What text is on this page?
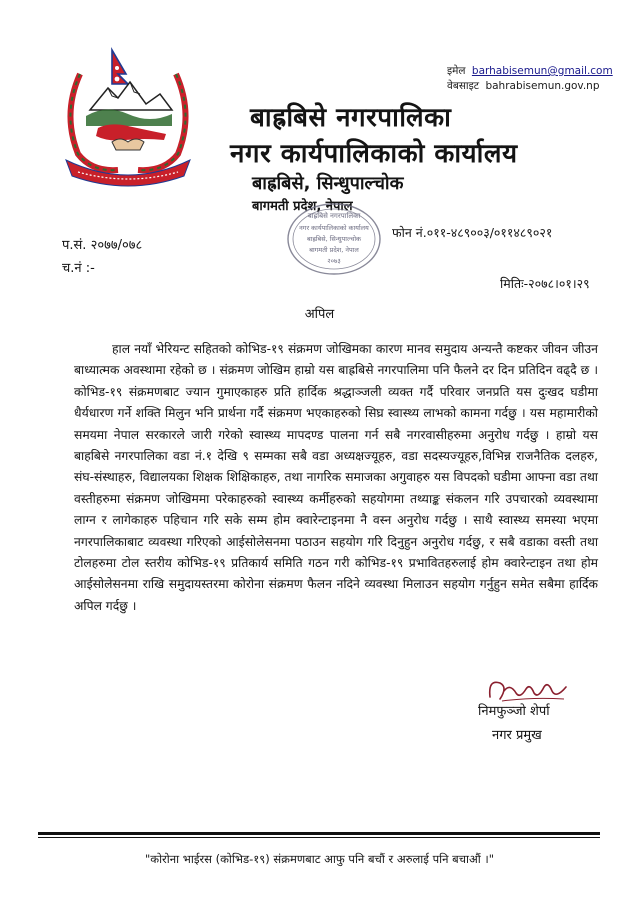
इमेल barhabisemun@gmail.com
वेबसाइट bahrabisemun.gov.np
बाह्रबिसे नगरपालिका
नगर कार्यपालिकाको कार्यालय
बाह्रबिसे, सिन्धुपाल्चोक
बागमती प्रदेश, नेपाल
बाह्रबिसे नगरपालिका
नगर कार्यपालिकाको कार्यालय
बाह्रबिसे, सिन्धुपाल्चोक
बागमती प्रदेश, नेपाल
२०७३
फोन नं.०११-४८९००३/०११४८९०२१
प.सं. २०७७/०७८
च.नं :-
मितिः-२०७८।०१।२९
अपिल

हाल नयाँ भेरियन्ट सहितको कोभिड-१९ संक्रमण जोखिमका कारण मानव समुदाय अन्यन्तै कष्टकर जीवन जीउन बाध्यात्मक अवस्थामा रहेको छ । संक्रमण जोखिम हाम्रो यस बाह्रबिसे नगरपालिमा पनि फैलने दर दिन प्रतिदिन वढ्दै छ । कोभिड-१९ संक्रमणबाट ज्यान गुमाएकाहरु प्रति हार्दिक श्रद्धाञ्जली व्यक्त गर्दै परिवार जनप्रति यस दुःखद घडीमा धैर्यधारण गर्ने शक्ति मिलुन भनि प्रार्थना गर्दै संक्रमण भएकाहरुको सिघ्र स्वास्थ्य लाभको कामना गर्दछु । यस महामारीको समयमा नेपाल सरकारले जारी गरेको स्वास्थ्य मापदण्ड पालना गर्न सबै नगरवासीहरुमा अनुरोध गर्दछु । हाम्रो यस बाहबिसे नगरपालिका वडा नं.१ देखि ९ सम्मका सबै वडा अध्यक्षज्यूहरु, वडा सदस्यज्यूहरु,विभिन्न राजनैतिक दलहरु, संघ-संस्थाहरु, विद्यालयका शिक्षक शिक्षिकाहरु, तथा नागरिक समाजका अगुवाहरु यस विपदको घडीमा आफ्ना वडा तथा वस्तीहरुमा संक्रमण जोखिममा परेकाहरुको स्वास्थ्य कर्मीहरुको सहयोगमा तथ्याङ्क संकलन गरि उपचारको व्यवस्थामा लाग्न र लागेकाहरु पहिचान गरि सके सम्म होम क्वारेन्टाइनमा नै वस्न अनुरोध गर्दछु । साथै स्वास्थ्य समस्या भएमा नगरपालिकाबाट व्यवस्था गरिएको आईसोलेसनमा पठाउन सहयोग गरि दिनुहुन अनुरोध गर्दछु, र सबै वडाका वस्ती तथा टोलहरुमा टोल स्तरीय कोभिड-१९ प्रतिकार्य समिति गठन गरी कोभिड-१९ प्रभावितहरुलाई होम क्वारेन्टाइन तथा होम आईसोलेसनमा राखि समुदायस्तरमा कोरोना संक्रमण फैलन नदिने व्यवस्था मिलाउन सहयोग गर्नुहुन समेत सबैमा हार्दिक अपिल गर्दछु ।

निमफुञ्जो शेर्पा
नगर प्रमुख
"कोरोना भाईरस (कोभिड-१९) संक्रमणबाट आफु पनि बचौं र अरुलाई पनि बचाऔं ।"
